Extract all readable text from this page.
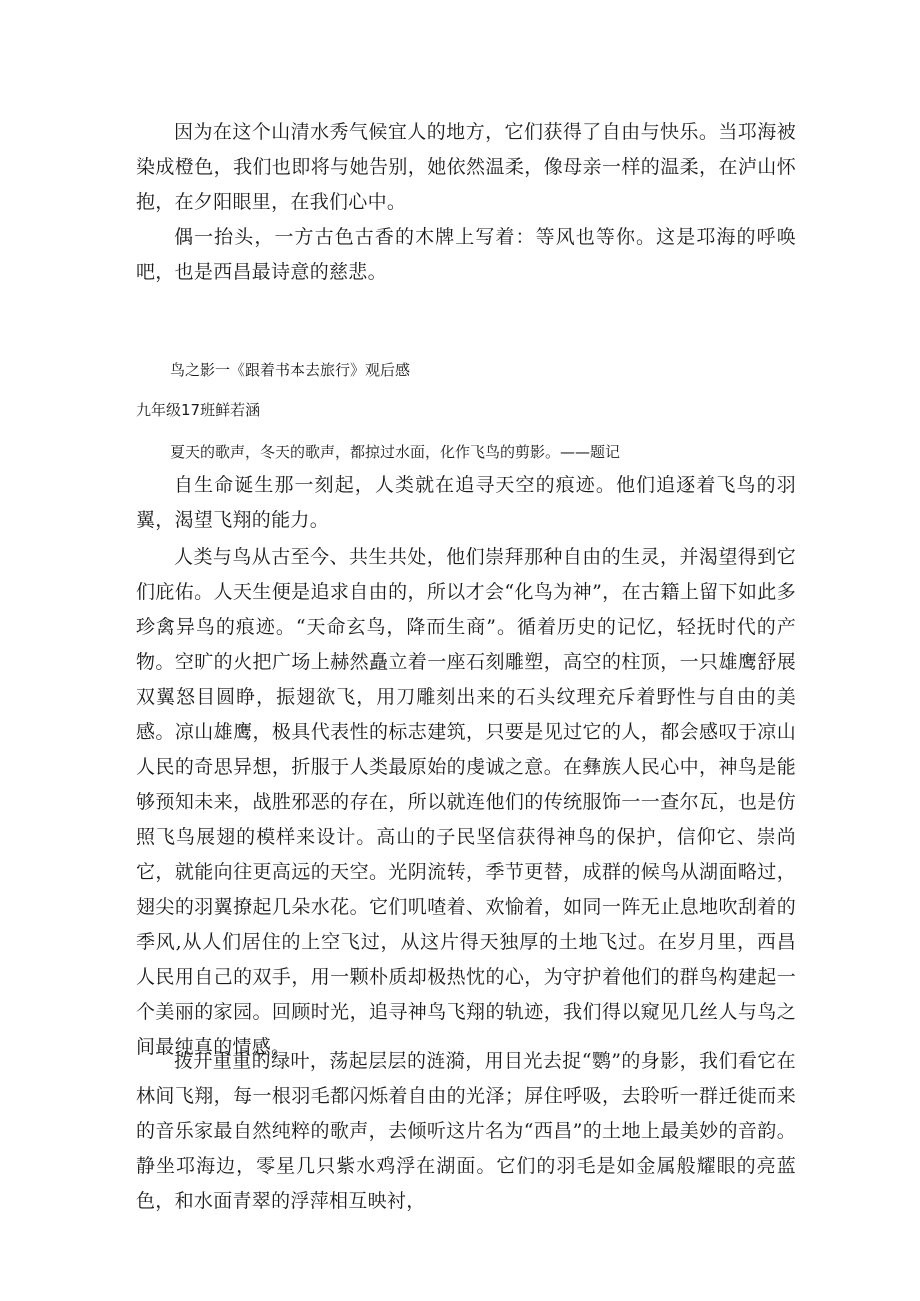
因为在这个山清水秀气候宜人的地方，它们获得了自由与快乐。当邛海被染成橙色，我们也即将与她告别，她依然温柔，像母亲一样的温柔，在泸山怀抱，在夕阳眼里，在我们心中。

偶一抬头，一方古色古香的木牌上写着：等风也等你。这是邛海的呼唤吧，也是西昌最诗意的慈悲。

鸟之影一《跟着书本去旅行》观后感

九年级17班鲜若涵

夏天的歌声，冬天的歌声，都掠过水面，化作飞鸟的剪影。——题记

自生命诞生那一刻起，人类就在追寻天空的痕迹。他们追逐着飞鸟的羽翼，渴望飞翔的能力。

人类与鸟从古至今、共生共处，他们崇拜那种自由的生灵，并渴望得到它们庇佑。人天生便是追求自由的，所以才会“化鸟为神”，在古籍上留下如此多珍禽异鸟的痕迹。“天命玄鸟，降而生商”。循着历史的记忆，轻抚时代的产物。空旷的火把广场上赫然矗立着一座石刻雕塑，高空的柱顶，一只雄鹰舒展双翼怒目圆睁，振翅欲飞，用刀雕刻出来的石头纹理充斥着野性与自由的美感。凉山雄鹰，极具代表性的标志建筑，只要是见过它的人，都会感叹于凉山人民的奇思异想，折服于人类最原始的虔诚之意。在彝族人民心中，神鸟是能够预知未来，战胜邪恶的存在，所以就连他们的传统服饰一一查尔瓦，也是仿照飞鸟展翅的模样来设计。高山的子民坚信获得神鸟的保护，信仰它、崇尚它，就能向往更高远的天空。光阴流转，季节更替，成群的候鸟从湖面略过，翅尖的羽翼撩起几朵水花。它们叽喳着、欢愉着，如同一阵无止息地吹刮着的季风,从人们居住的上空飞过，从这片得天独厚的土地飞过。在岁月里，西昌人民用自己的双手，用一颗朴质却极热忱的心，为守护着他们的群鸟构建起一个美丽的家园。回顾时光，追寻神鸟飞翔的轨迹，我们得以窥见几丝人与鸟之间最纯真的情感。

拨开重重的绿叶，荡起层层的涟漪，用目光去捉“鹦”的身影，我们看它在林间飞翔，每一根羽毛都闪烁着自由的光泽；屏住呼吸，去聆听一群迁徙而来的音乐家最自然纯粹的歌声，去倾听这片名为“西昌”的土地上最美妙的音韵。静坐邛海边，零星几只紫水鸡浮在湖面。它们的羽毛是如金属般耀眼的亮蓝色，和水面青翠的浮萍相互映衬，
